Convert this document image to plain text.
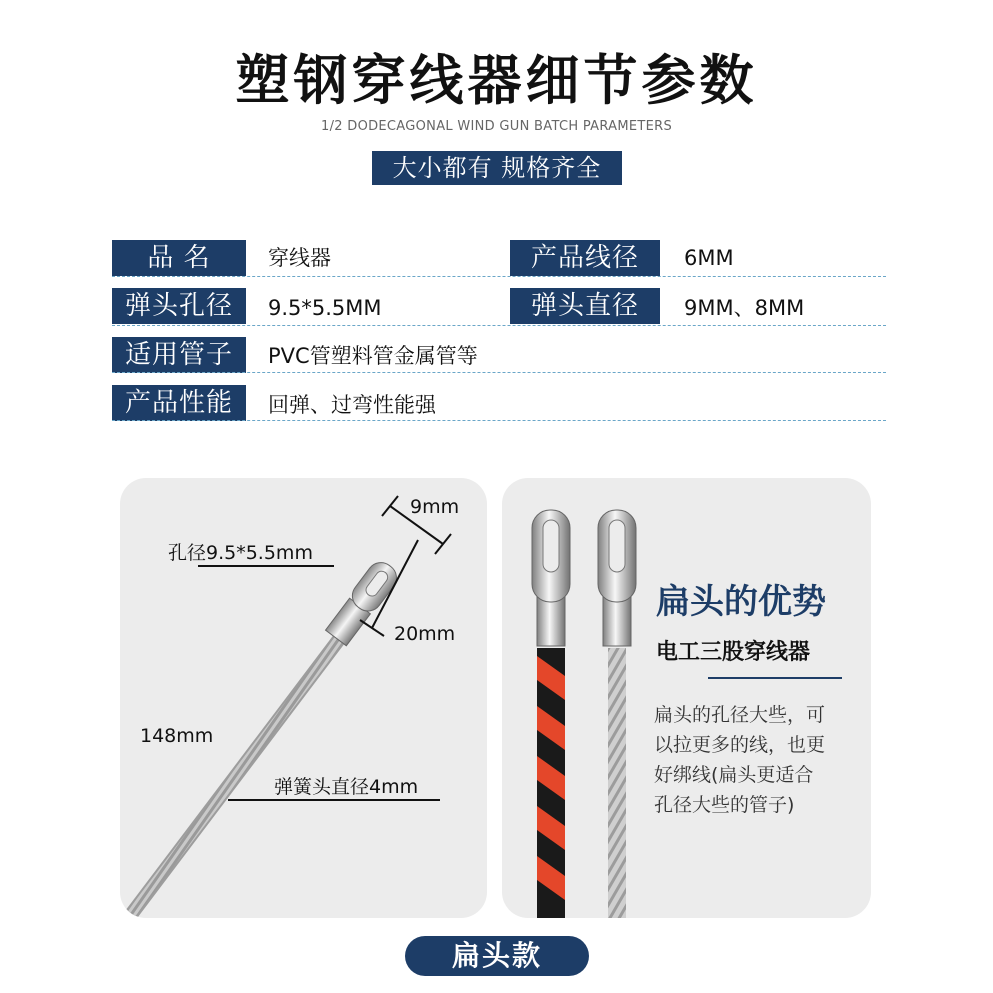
塑钢穿线器细节参数
1/2 DODECAGONAL WIND GUN BATCH PARAMETERS
大小都有 规格齐全
品 名	穿线器	产品线径	6MM
弹头孔径	9.5*5.5MM	弹头直径	9MM、8MM
适用管子	PVC管塑料管金属管等
产品性能	回弹、过弯性能强
9mm
孔径9.5*5.5mm
20mm
148mm
弹簧头直径4mm
扁头的优势
电工三股穿线器
扁头的孔径大些，可
以拉更多的线，也更
好绑线(扁头更适合
孔径大些的管子)
扁头款
